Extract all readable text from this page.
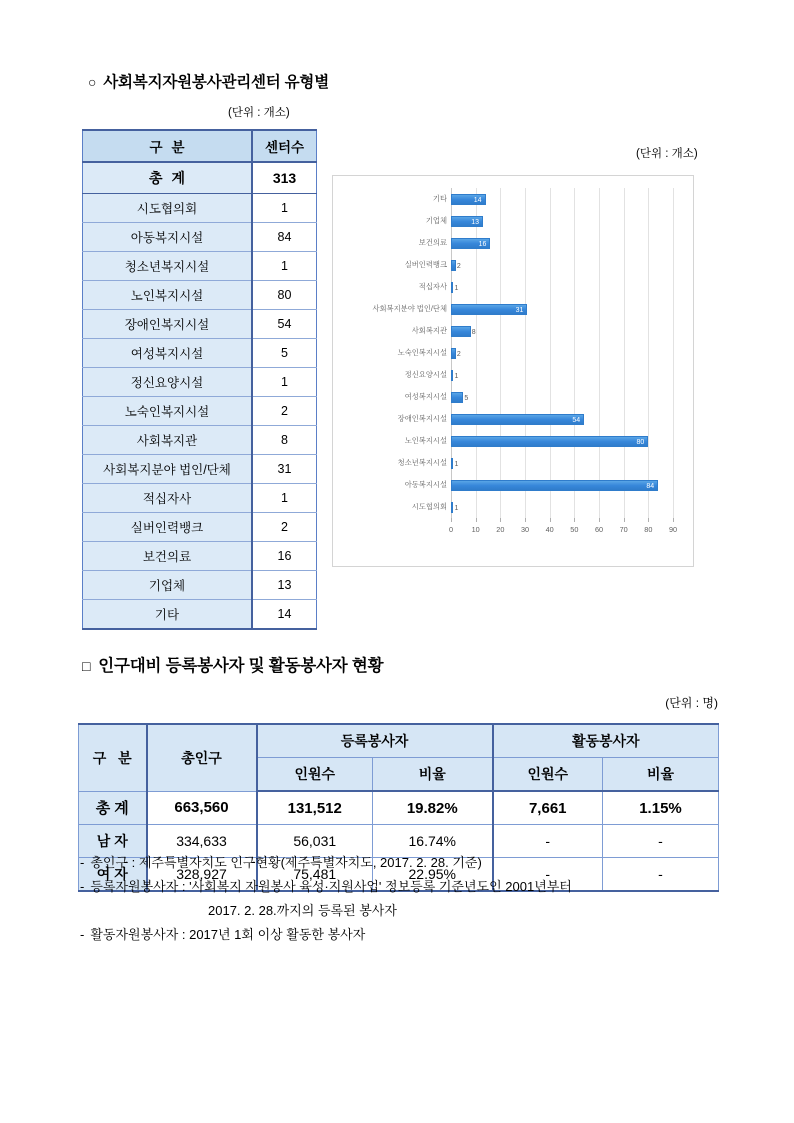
○ 사회복지자원봉사관리센터 유형별
(단위 : 개소)
구분	센터수
총계	313
시도협의회	1
아동복지시설	84
청소년복지시설	1
노인복지시설	80
장애인복지시설	54
여성복지시설	5
정신요양시설	1
노숙인복지시설	2
사회복지관	8
사회복지분야 법인/단체	31
적십자사	1
실버인력뱅크	2
보건의료	16
기업체	13
기타	14
(단위 : 개소)
14
13
16
2
1
31
8
2
1
5
54
80
1
84
1
기타
기업체
보건의료
실버인력뱅크
적십자사
사회복지분야 법인/단체
사회복지관
노숙인복지시설
정신요양시설
여성복지시설
장애인복지시설
노인복지시설
청소년복지시설
아동복지시설
시도협의회
0	10	20	30	40	50	60	70	80	90
□ 인구대비 등록봉사자 및 활동봉사자 현황
(단위 : 명)
구 분	총인구	등록봉사자		활동봉사자	
		인원수	비율	인원수	비율
총계	663,560	131,512	19.82%	7,661	1.15%
남자	334,633	56,031	16.74%	-	-
여자	328,927	75,481	22.95%	-	-
- 총인구 : 제주특별자치도 인구현황(제주특별자치도, 2017. 2. 28. 기준)
- 등록자원봉사자 : '사회복지 자원봉사 육성·지원사업' 정보등록 기준년도인 2001년부터
2017. 2. 28.까지의 등록된 봉사자
- 활동자원봉사자 : 2017년 1회 이상 활동한 봉사자
